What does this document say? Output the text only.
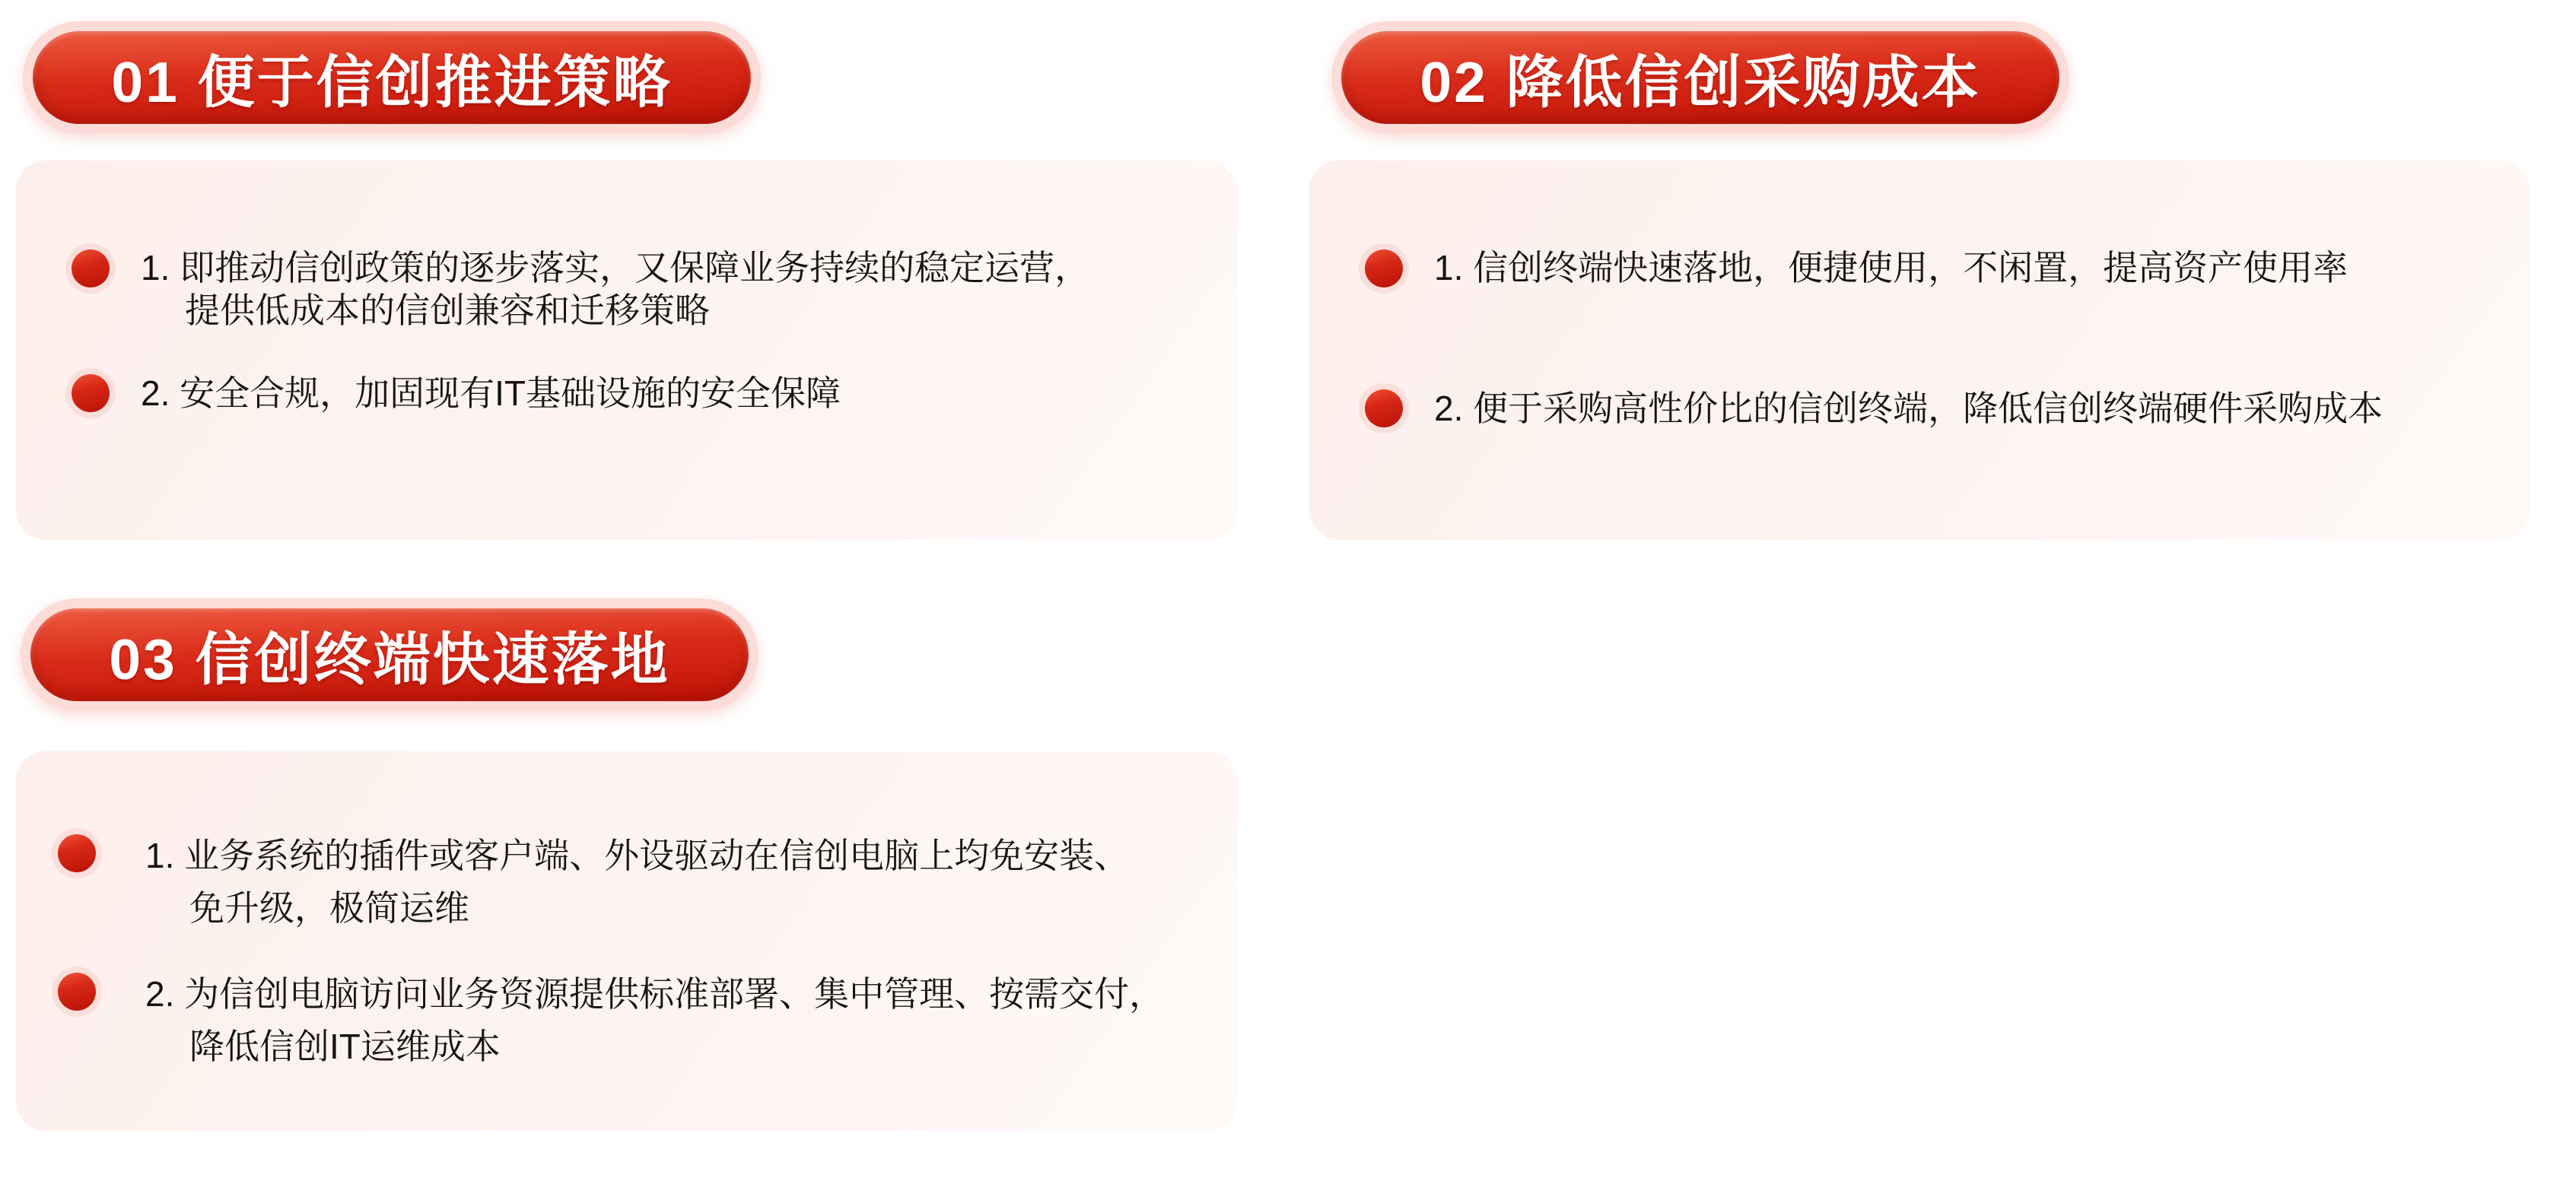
01 便于信创推进策略	02 降低信创采购成本
03 信创终端快速落地
1. 即推动信创政策的逐步落实，又保障业务持续的稳定运营，
提供低成本的信创兼容和迁移策略
2. 安全合规，加固现有IT基础设施的安全保障
1. 信创终端快速落地，便捷使用，不闲置，提高资产使用率
2. 便于采购高性价比的信创终端，降低信创终端硬件采购成本
1. 业务系统的插件或客户端、外设驱动在信创电脑上均免安装、
免升级，极简运维
2. 为信创电脑访问业务资源提供标准部署、集中管理、按需交付，
降低信创IT运维成本
